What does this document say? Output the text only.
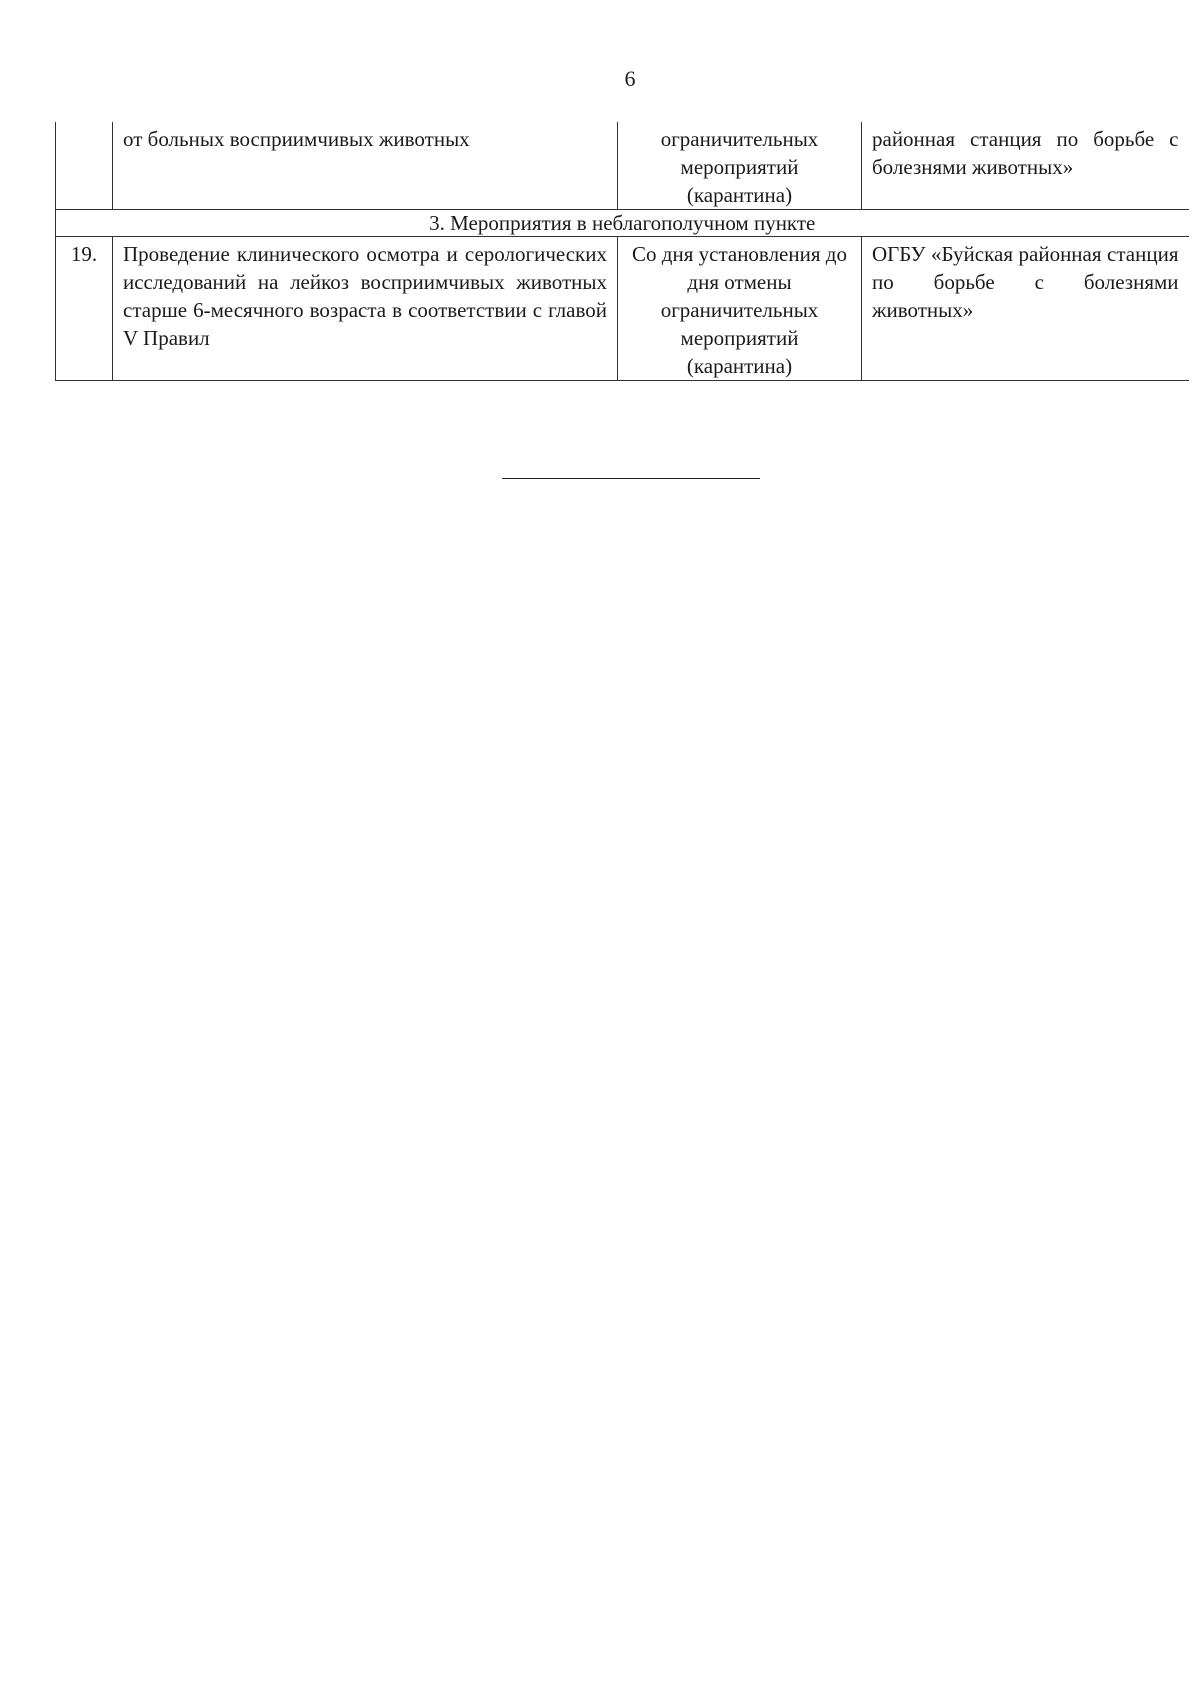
6
	от больных восприимчивых животных	ограничительных мероприятий (карантина)	районная станция по борьбе с болезнями животных»
3. Мероприятия в неблагополучном пункте			
19.	Проведение клинического осмотра и серологических исследований на лейкоз восприимчивых животных старше 6-месячного возраста в соответствии с главой V Правил	Со дня установления до дня отмены ограничительных мероприятий (карантина)	ОГБУ «Буйская районная станция по борьбе с болезнями животных»
